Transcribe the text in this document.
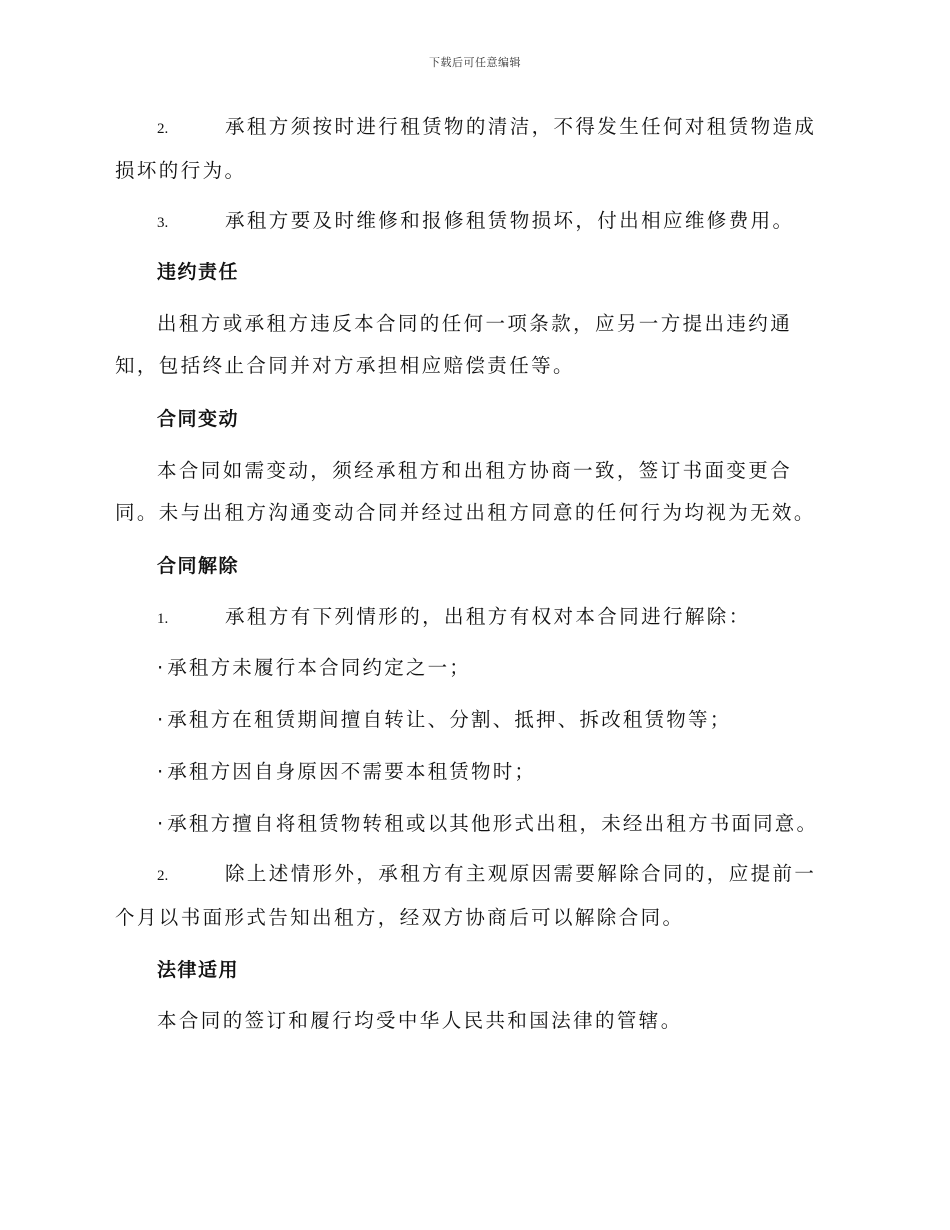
下载后可任意编辑
2.	承租方须按时进行租赁物的清洁，不得发生任何对租赁物造成损坏的行为。
3.	承租方要及时维修和报修租赁物损坏，付出相应维修费用。
违约责任
出租方或承租方违反本合同的任何一项条款，应另一方提出违约通知，包括终止合同并对方承担相应赔偿责任等。
合同变动
本合同如需变动，须经承租方和出租方协商一致，签订书面变更合同。未与出租方沟通变动合同并经过出租方同意的任何行为均视为无效。
合同解除
1.	承租方有下列情形的，出租方有权对本合同进行解除：
· 承租方未履行本合同约定之一；
· 承租方在租赁期间擅自转让、分割、抵押、拆改租赁物等；
· 承租方因自身原因不需要本租赁物时；
· 承租方擅自将租赁物转租或以其他形式出租，未经出租方书面同意。
2.	除上述情形外，承租方有主观原因需要解除合同的，应提前一个月以书面形式告知出租方，经双方协商后可以解除合同。
法律适用
本合同的签订和履行均受中华人民共和国法律的管辖。
